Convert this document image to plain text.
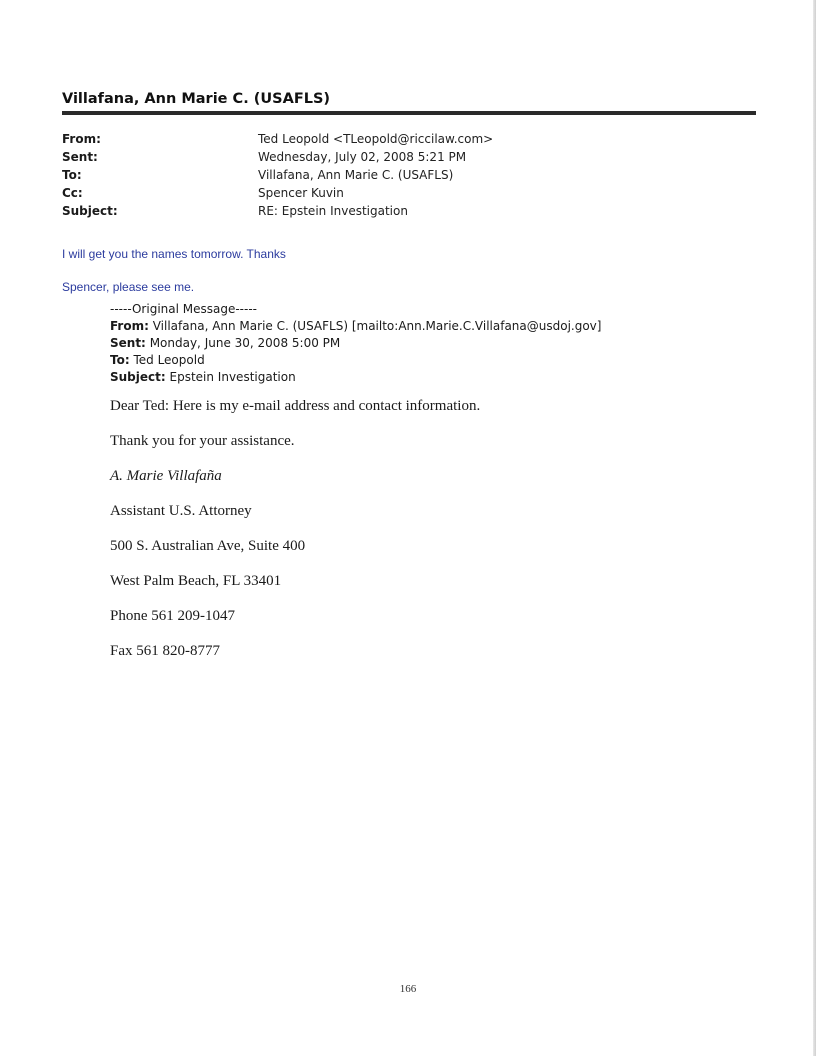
Villafana, Ann Marie C. (USAFLS)
From:	Ted Leopold <TLeopold@riccilaw.com>
Sent:	Wednesday, July 02, 2008 5:21 PM
To:	Villafana, Ann Marie C. (USAFLS)
Cc:	Spencer Kuvin
Subject:	RE: Epstein Investigation
I will get you the names tomorrow. Thanks
Spencer, please see me.
-----Original Message-----
From: Villafana, Ann Marie C. (USAFLS) [mailto:Ann.Marie.C.Villafana@usdoj.gov]
Sent: Monday, June 30, 2008 5:00 PM
To: Ted Leopold
Subject: Epstein Investigation

Dear Ted: Here is my e-mail address and contact information.

Thank you for your assistance.

A. Marie Villafaña

Assistant U.S. Attorney

500 S. Australian Ave, Suite 400

West Palm Beach, FL 33401

Phone 561 209-1047

Fax 561 820-8777

166
